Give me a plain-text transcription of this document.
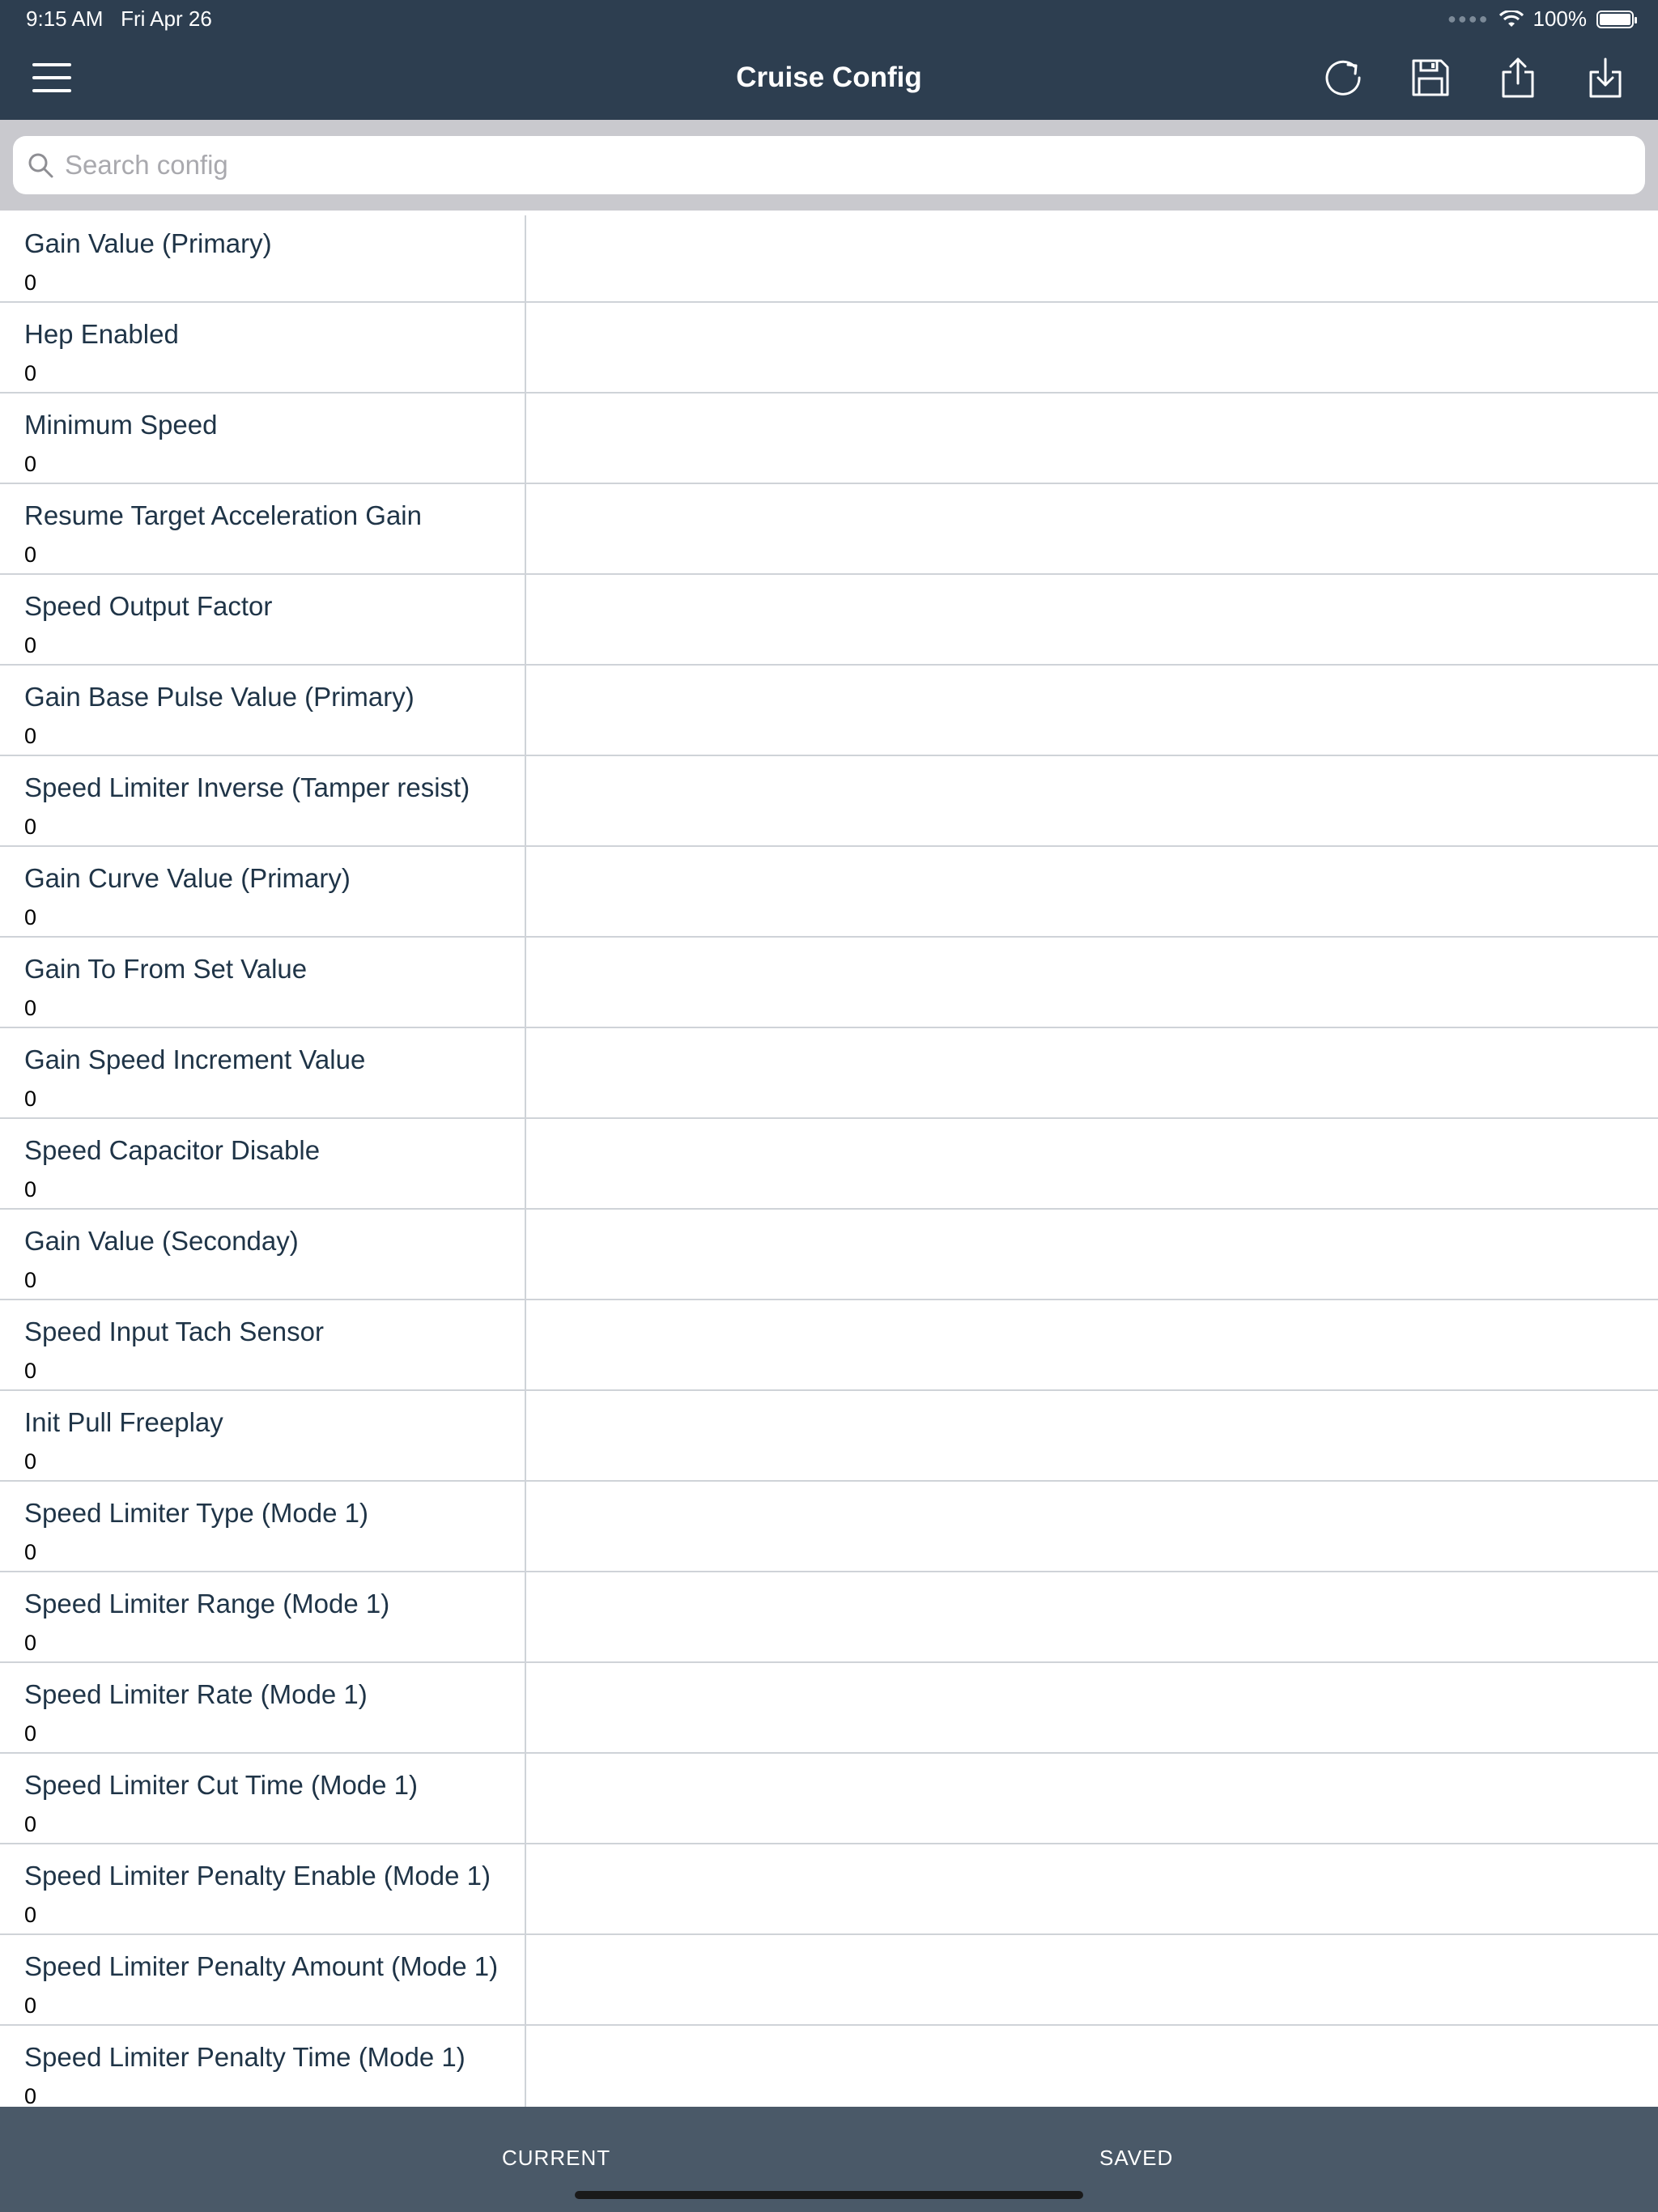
9:15 AM Fri Apr 26	●●●● 100%
Cruise Config
Search config
Gain Value (Primary)
0
Hep Enabled
0
Minimum Speed
0
Resume Target Acceleration Gain
0
Speed Output Factor
0
Gain Base Pulse Value (Primary)
0
Speed Limiter Inverse (Tamper resist)
0
Gain Curve Value (Primary)
0
Gain To From Set Value
0
Gain Speed Increment Value
0
Speed Capacitor Disable
0
Gain Value (Seconday)
0
Speed Input Tach Sensor
0
Init Pull Freeplay
0
Speed Limiter Type (Mode 1)
0
Speed Limiter Range (Mode 1)
0
Speed Limiter Rate (Mode 1)
0
Speed Limiter Cut Time (Mode 1)
0
Speed Limiter Penalty Enable (Mode 1)
0
Speed Limiter Penalty Amount (Mode 1)
0
Speed Limiter Penalty Time (Mode 1)
0
CURRENT	SAVED
